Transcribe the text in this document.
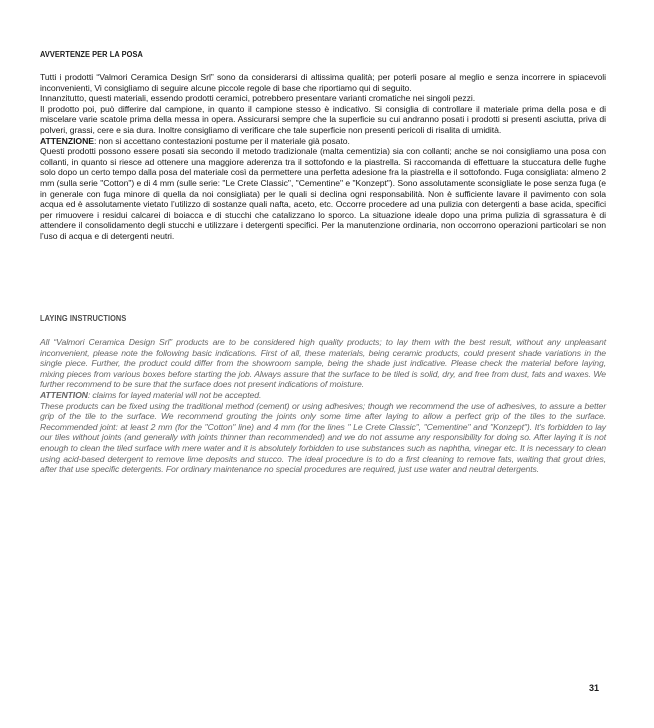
AVVERTENZE PER LA POSA

Tutti i prodotti “Valmori Ceramica Design Srl” sono da considerarsi di altissima qualità; per poterli posare al meglio e senza incorrere in spiacevoli inconvenienti, Vi consigliamo di seguire alcune piccole regole di base che riportiamo qui di seguito.

Innanzitutto, questi materiali, essendo prodotti ceramici, potrebbero presentare varianti cromatiche nei singoli pezzi.

Il prodotto poi, può differire dal campione, in quanto il campione stesso è indicativo. Si consiglia di controllare il materiale prima della posa e di miscelare varie scatole prima della messa in opera. Assicurarsi sempre che la superficie su cui andranno posati i prodotti si presenti asciutta, priva di polveri, grassi, cere e sia dura. Inoltre consigliamo di verificare che tale superficie non presenti pericoli di risalita di umidità.

ATTENZIONE: non si accettano contestazioni postume per il materiale già posato.

Questi prodotti possono essere posati sia secondo il metodo tradizionale (malta cementizia) sia con collanti; anche se noi consigliamo una posa con collanti, in quanto si riesce ad ottenere una maggiore aderenza tra il sottofondo e la piastrella. Si raccomanda di effettuare la stuccatura delle fughe solo dopo un certo tempo dalla posa del materiale così da permettere una perfetta adesione fra la piastrella e il sottofondo. Fuga consigliata: almeno 2 mm (sulla serie "Cotton") e di 4 mm (sulle serie: "Le Crete Classic", "Cementine" e "Konzept"). Sono assolutamente sconsigliate le pose senza fuga (e in generale con fuga minore di quella da noi consigliata) per le quali si declina ogni responsabilità. Non è sufficiente lavare il pavimento con sola acqua ed è assolutamente vietato l’utilizzo di sostanze quali nafta, aceto, etc. Occorre procedere ad una pulizia con detergenti a base acida, specifici per rimuovere i residui calcarei di boiacca e di stucchi che catalizzano lo sporco. La situazione ideale dopo una prima pulizia di sgrassatura è di attendere il consolidamento degli stucchi e utilizzare i detergenti specifici. Per la manutenzione ordinaria, non occorrono operazioni particolari se non l’uso di acqua e di detergenti neutri.

LAYING INSTRUCTIONS

All “Valmori Ceramica Design Srl” products are to be considered high quality products; to lay them with the best result, without any unpleasant inconvenient, please note the following basic indications. First of all, these materials, being ceramic products, could present shade variations in the single piece. Further, the product could differ from the showroom sample, being the shade just indicative. Please check the material before laying, mixing pieces from various boxes before starting the job. Always assure that the surface to be tiled is solid, dry, and free from dust, fats and waxes. We further recommend to be sure that the surface does not present indications of moisture.

ATTENTION: claims for layed material will not be accepted.

These products can be fixed using the traditional method (cement) or using adhesives; though we recommend the use of adhesives, to assure a better grip of the tile to the surface. We recommend grouting the joints only some time after laying to allow a perfect grip of the tiles to the surface. Recommended joint: at least 2 mm (for the "Cotton" line) and 4 mm (for the lines " Le Crete Classic", "Cementine" and "Konzept"). It's forbidden to lay our tiles without joints (and generally with joints thinner than recommended) and we do not assume any responsibility for doing so. After laying it is not enough to clean the tiled surface with mere water and it is absolutely forbidden to use substances such as naphtha, vinegar etc. It is necessary to clean using acid-based detergent to remove lime deposits and stucco. The ideal procedure is to do a first cleaning to remove fats, waiting that grout dries, after that use specific detergents. For ordinary maintenance no special procedures are required, just use water and neutral detergents.

31
